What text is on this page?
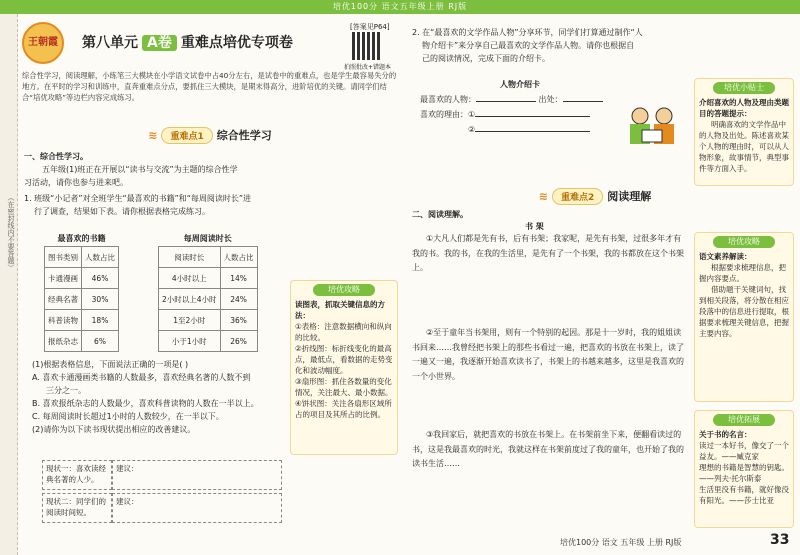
培优100分 语文五年级上册 RJ版
（在密封线内不要答题）
王朝霞	第八单元 A卷 重难点培优专项卷
[答案见P64]
拍照批改+错题本
综合性学习，阅读理解，小练笔三大模块在小学语文试卷中占40分左右，是试卷中的重难点，也是学生最容易失分的地方。在平时的学习和训练中，直奔重难点分点，要抓住三大模块，是期末得高分，进阶培优的关键。请同学们结合“培优攻略”等边栏内容完成练习。
≋ 重难点1 综合性学习

一、综合性学习。

五年级(1)班正在开展以“读书与交流”为主题的综合性学

习活动，请你也参与进来吧。

1. 班级“小记者”对全班学生“最喜欢的书籍”和“每周阅读时长”进

行了调查，结果如下表。请你根据表格完成练习。

最喜欢的书籍
图书类别	人数占比
卡通漫画	46%
经典名著	30%
科普读物	18%
报纸杂志	6%
每周阅读时长
阅读时长	人数占比
4小时以上	14%
2小时以上4小时	24%
1至2小时	36%
小于1小时	26%
培优攻略
读图表，抓取关键信息的方法：
①表格：注意数据横向和纵向的比较。
②折线图：标折线变化的最高点，最低点，看数据的走势变化和波动幅度。
③扇形图：抓住各数量的变化情况，关注最大、最小数据。
④饼状图：关注各扇形区域所占的项目及其所占的比例。

(1)根据表格信息，下面说法正确的一项是( )

A. 喜欢卡通漫画类书籍的人数最多，喜欢经典名著的人数不到

三分之一。

B. 喜欢报纸杂志的人数最少，喜欢科普读物的人数在一半以上。

C. 每周阅读时长超过1小时的人数较少，在一半以下。

(2)请你为以下读书现状提出相应的改善建议。

现状一：喜欢读经典名著的人少。
建议：
现状二：同学们的阅读时间短。
建议：

2. 在“最喜欢的文学作品人物”分享环节，同学们打算通过制作“人

物介绍卡”来分享自己最喜欢的文学作品人物。请你也根据自

己的阅读情况，完成下面的介绍卡。

人物介绍卡

最喜欢的人物：	出处：

喜欢的理由：①

②

培优小贴士
介绍喜欢的人物及理由类题目的答题提示：
明确喜欢的文学作品中的人物及出处。陈述喜欢某个人物的理由时，可以从人物形象，故事情节，典型事件等方面入手。
≋ 重难点2 阅读理解

二、阅读理解。

书 架

①大凡人们都是先有书，后有书架；我家呢，是先有书架，过很多年才有我的书。我的书，在我的生活里，是先有了一个书架，我的书都放在这个书架上。

②至于童年当书架用，则有一个特别的起因。那是十一岁时，我的姐姐读书回来……我曾经把书架上的那些书看过一遍，把喜欢的书放在书架上，读了一遍又一遍，我逐渐开始喜欢读书了，书架上的书越来越多，这里是我喜欢的一个小世界。

③我回家后，就把喜欢的书放在书架上。在书架前坐下来，便翻看读过的书，这是我最喜欢的时光，我就这样在书架前度过了我的童年，也开始了我的读书生活……

培优攻略
语文素养解读：
根据要求梳理信息，把握内容要点。
借助题干关键词句，找到相关段落，将分散在相应段落中的信息进行提取，根据要求梳理关键信息，把握主要内容。
培优拓展
关于书的名言：
读过一本好书，像交了一个益友。——臧克家
理想的书籍是智慧的钥匙。——列夫·托尔斯泰
生活里没有书籍，就好像没有阳光。——莎士比亚
培优100分 语文 五年级 上册 RJ版	33
